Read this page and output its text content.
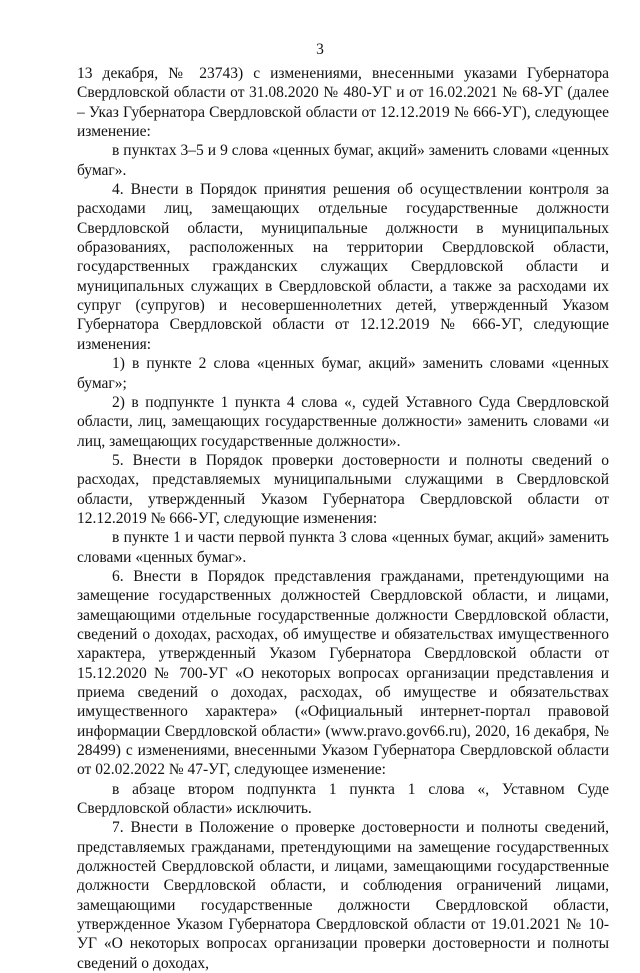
3

13 декабря, № 23743) с изменениями, внесенными указами Губернатора Свердловской области от 31.08.2020 № 480-УГ и от 16.02.2021 № 68-УГ (далее – Указ Губернатора Свердловской области от 12.12.2019 № 666-УГ), следующее изменение:

в пунктах 3–5 и 9 слова «ценных бумаг, акций» заменить словами «ценных бумаг».

4. Внести в Порядок принятия решения об осуществлении контроля за расходами лиц, замещающих отдельные государственные должности Свердловской области, муниципальные должности в муниципальных образованиях, расположенных на территории Свердловской области, государственных гражданских служащих Свердловской области и муниципальных служащих в Свердловской области, а также за расходами их супруг (супругов) и несовершеннолетних детей, утвержденный Указом Губернатора Свердловской области от 12.12.2019 № 666-УГ, следующие изменения:

1) в пункте 2 слова «ценных бумаг, акций» заменить словами «ценных бумаг»;

2) в подпункте 1 пункта 4 слова «, судей Уставного Суда Свердловской области, лиц, замещающих государственные должности» заменить словами «и лиц, замещающих государственные должности».

5. Внести в Порядок проверки достоверности и полноты сведений о расходах, представляемых муниципальными служащими в Свердловской области, утвержденный Указом Губернатора Свердловской области от 12.12.2019 № 666-УГ, следующие изменения:

в пункте 1 и части первой пункта 3 слова «ценных бумаг, акций» заменить словами «ценных бумаг».

6. Внести в Порядок представления гражданами, претендующими на замещение государственных должностей Свердловской области, и лицами, замещающими отдельные государственные должности Свердловской области, сведений о доходах, расходах, об имуществе и обязательствах имущественного характера, утвержденный Указом Губернатора Свердловской области от 15.12.2020 № 700-УГ «О некоторых вопросах организации представления и приема сведений о доходах, расходах, об имуществе и обязательствах имущественного характера» («Официальный интернет-портал правовой информации Свердловской области» (www.pravo.gov66.ru), 2020, 16 декабря, № 28499) с изменениями, внесенными Указом Губернатора Свердловской области от 02.02.2022 № 47-УГ, следующее изменение:

в абзаце втором подпункта 1 пункта 1 слова «, Уставном Суде Свердловской области» исключить.

7. Внести в Положение о проверке достоверности и полноты сведений, представляемых гражданами, претендующими на замещение государственных должностей Свердловской области, и лицами, замещающими государственные должности Свердловской области, и соблюдения ограничений лицами, замещающими государственные должности Свердловской области, утвержденное Указом Губернатора Свердловской области от 19.01.2021 № 10-УГ «О некоторых вопросах организации проверки достоверности и полноты сведений о доходах,
